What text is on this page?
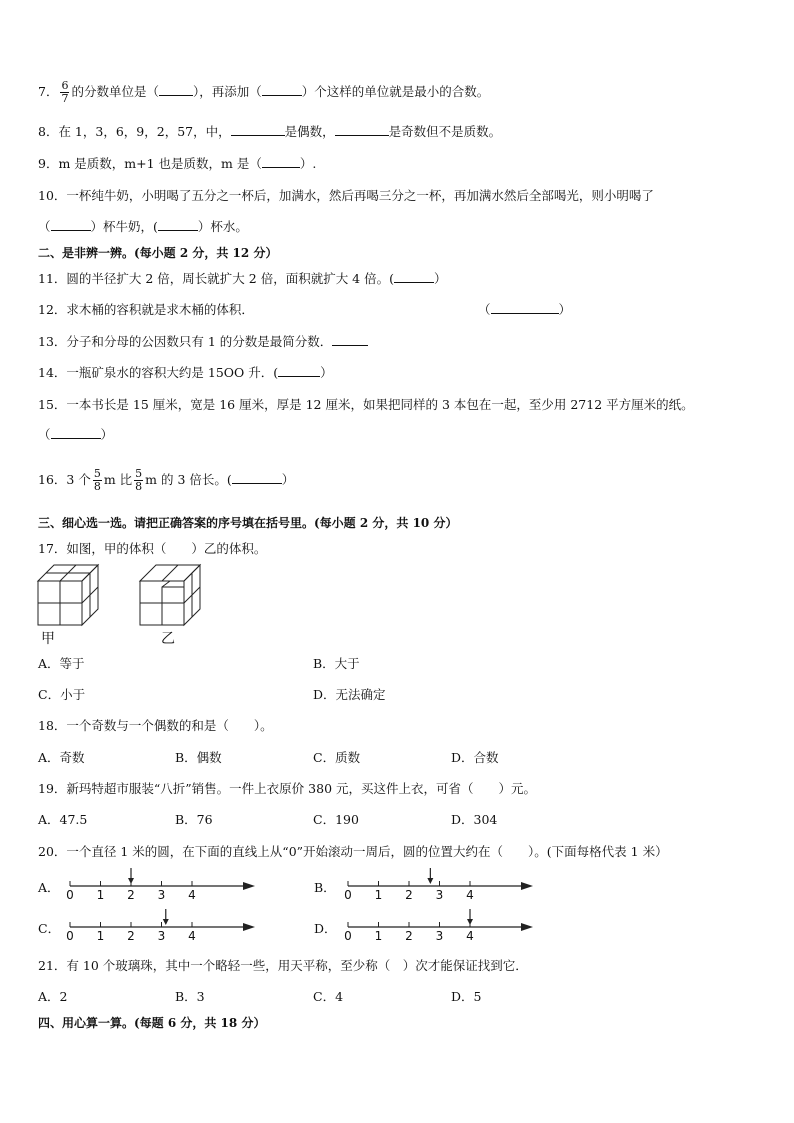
7． $\frac{6}{7}$ 的分数单位是（	），再添加（	）个这样的单位就是最小的合数。
8．在 1，3，6，9，2，57，中，	是偶数，	是奇数但不是质数。
9．m 是质数，m+1 也是质数，m 是（	）.
10．一杯纯牛奶，小明喝了五分之一杯后，加满水，然后再喝三分之一杯，再加满水然后全部喝光，则小明喝了
（	）杯牛奶，(	）杯水。
二、是非辨一辨。(每小题 2 分，共 12 分）
11．圆的半径扩大 2 倍，周长就扩大 2 倍，面积就扩大 4 倍。(	）
12．求木桶的容积就是求木桶的体积．	（	）
13．分子和分母的公因数只有 1 的分数是最简分数．
14．一瓶矿泉水的容积大约是 15OO 升．(	）
15．一本书长是 15 厘米，宽是 16 厘米，厚是 12 厘米，如果把同样的 3 本包在一起，至少用 2712 平方厘米的纸。
（	）
16．3 个 $\frac{5}{8}$ m 比 $\frac{5}{8}$ m 的 3 倍长。(	）
三、细心选一选。请把正确答案的序号填在括号里。(每小题 2 分，共 10 分）
17．如图，甲的体积（　　）乙的体积。
甲	乙
A．等于	B．大于
C．小于	D．无法确定
18．一个奇数与一个偶数的和是（　　）。
A．奇数	B．偶数	C．质数	D．合数
19．新玛特超市服装“八折”销售。一件上衣原价 380 元，买这件上衣，可省（　　）元。
A．47.5	B．76	C．190	D．304
20．一个直径 1 米的圆，在下面的直线上从“0”开始滚动一周后，圆的位置大约在（　　）。(下面每格代表 1 米）
A．	B．
C．	D．
0 1 2 3 4	0 1 2 3 4
0 1 2 3 4	0 1 2 3 4
21．有 10 个玻璃珠，其中一个略轻一些，用天平称，至少称（　）次才能保证找到它．
A．2	B．3	C．4	D．5
四、用心算一算。(每题 6 分，共 18 分）
